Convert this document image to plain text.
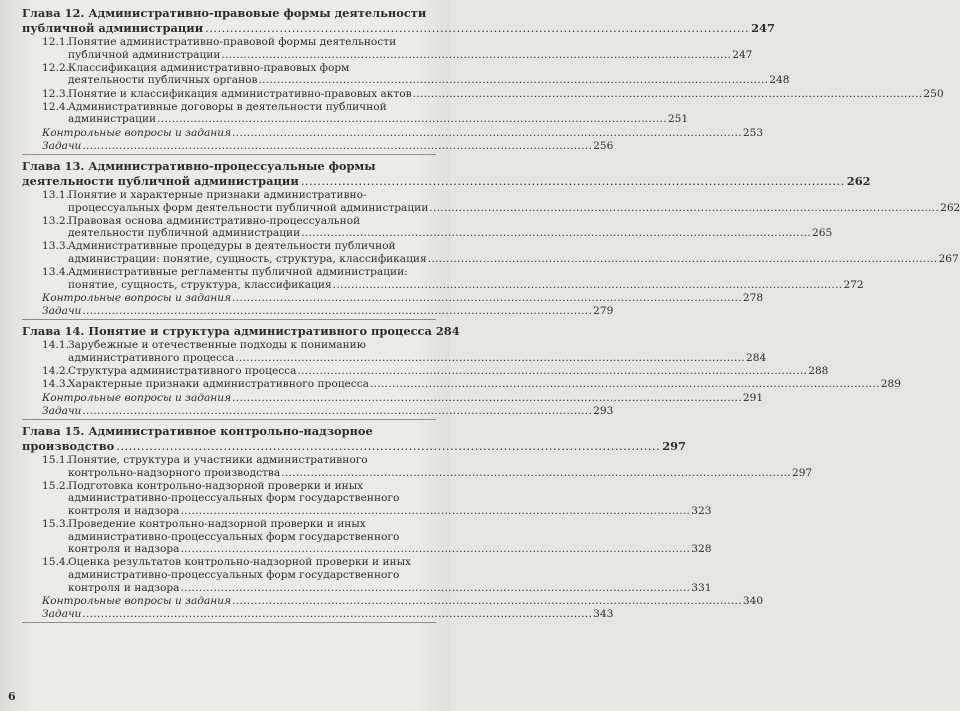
Глава 12. Административно-правовые формы деятельности
публичной администрации .....	247
12.1. Понятие административно-правовой формы деятельности
публичной администрации .....	247
12.2. Классификация административно-правовых форм
деятельности публичных органов .....	248
12.3. Понятие и классификация административно-правовых актов .....	250
12.4. Административные договоры в деятельности публичной
администрации .....	251
Контрольные вопросы и задания .....	253
Задачи .....	256
Глава 13. Административно-процессуальные формы
деятельности публичной администрации .....	262
13.1. Понятие и характерные признаки административно-
процессуальных форм деятельности публичной администрации .....	262
13.2. Правовая основа административно-процессуальной
деятельности публичной администрации .....	265
13.3. Административные процедуры в деятельности публичной
администрации: понятие, сущность, структура, классификация .....	267
13.4. Административные регламенты публичной администрации:
понятие, сущность, структура, классификация .....	272
Контрольные вопросы и задания .....	278
Задачи .....	279
Глава 14. Понятие и структура административного процесса 284
14.1. Зарубежные и отечественные подходы к пониманию
административного процесса .....	284
14.2. Структура административного процесса .....	288
14.3. Характерные признаки административного процесса .....	289
Контрольные вопросы и задания .....	291
Задачи .....	293
Глава 15. Административное контрольно-надзорное
производство .....	297
15.1. Понятие, структура и участники административного
контрольно-надзорного производства .....	297
15.2. Подготовка контрольно-надзорной проверки и иных
административно-процессуальных форм государственного
контроля и надзора .....	323
15.3. Проведение контрольно-надзорной проверки и иных
административно-процессуальных форм государственного
контроля и надзора .....	328
15.4. Оценка результатов контрольно-надзорной проверки и иных
административно-процессуальных форм государственного
контроля и надзора .....	331
Контрольные вопросы и задания .....	340
Задачи .....	343
6
